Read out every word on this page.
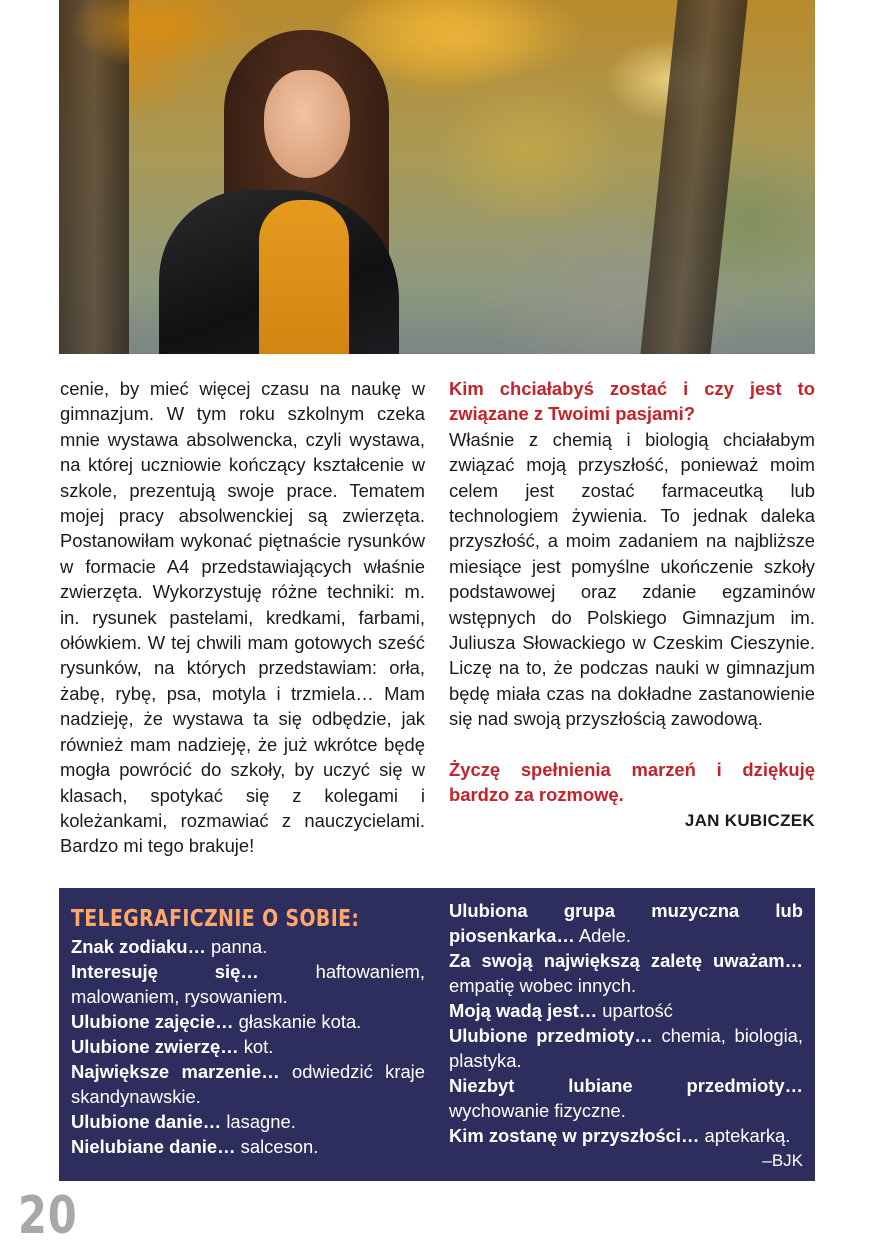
cenie, by mieć więcej czasu na naukę w gimnazjum. W tym roku szkolnym czeka mnie wystawa absolwencka, czyli wystawa, na której uczniowie kończący kształcenie w szkole, prezentują swoje prace. Tematem mojej pracy absolwenckiej są zwierzęta. Postanowiłam wykonać piętnaście rysunków w formacie A4 przedstawiających właśnie zwierzęta. Wykorzystuję różne techniki: m. in. rysunek pastelami, kredkami, farbami, ołówkiem. W tej chwili mam gotowych sześć rysunków, na których przedstawiam: orła, żabę, rybę, psa, motyla i trzmiela… Mam nadzieję, że wystawa ta się odbędzie, jak również mam nadzieję, że już wkrótce będę mogła powrócić do szkoły, by uczyć się w klasach, spotykać się z kolegami i koleżankami, rozmawiać z nauczycielami. Bardzo mi tego brakuje!

Kim chciałabyś zostać i czy jest to związane z Twoimi pasjami?

Właśnie z chemią i biologią chciałabym związać moją przyszłość, ponieważ moim celem jest zostać farmaceutką lub technologiem żywienia. To jednak daleka przyszłość, a moim zadaniem na najbliższe miesiące jest pomyślne ukończenie szkoły podstawowej oraz zdanie egzaminów wstępnych do Polskiego Gimnazjum im. Juliusza Słowackiego w Czeskim Cieszynie. Liczę na to, że podczas nauki w gimnazjum będę miała czas na dokładne zastanowienie się nad swoją przyszłością zawodową.

Życzę spełnienia marzeń i dziękuję bardzo za rozmowę.

JAN KUBICZEK

TELEGRAFICZNIE O SOBIE:

Znak zodiaku… panna.

Interesuję się… haftowaniem, malowaniem, rysowaniem.

Ulubione zajęcie… głaskanie kota.

Ulubione zwierzę… kot.

Największe marzenie… odwiedzić kraje skandynawskie.

Ulubione danie… lasagne.

Nielubiane danie… salceson.

Ulubiona grupa muzyczna lub piosenkarka… Adele.

Za swoją największą zaletę uważam… empatię wobec innych.

Moją wadą jest… upartość

Ulubione przedmioty… chemia, biologia, plastyka.

Niezbyt lubiane przedmioty… wychowanie fizyczne.

Kim zostanę w przyszłości… aptekarką.

–BJK

20
